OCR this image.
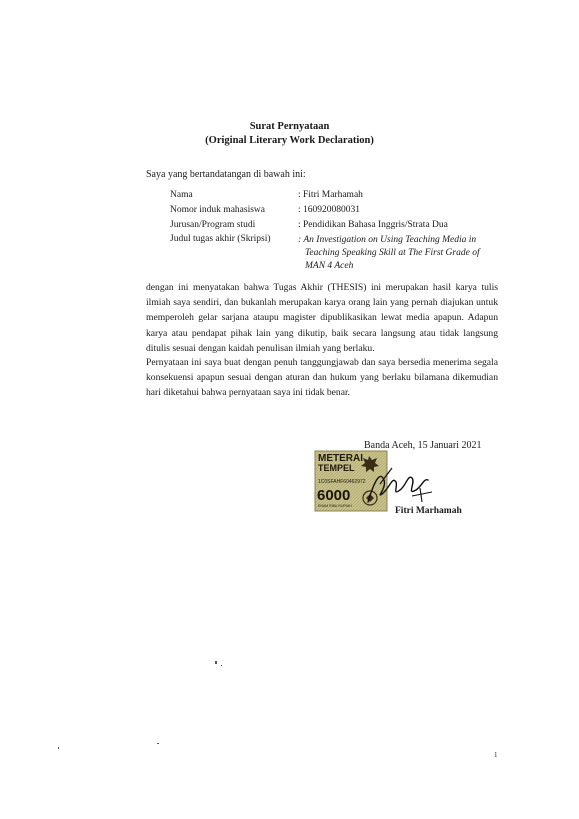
Surat Pernyataan
(Original Literary Work Declaration)
Saya yang bertandatangan di bawah ini:
Nama	: Fitri Marhamah
Nomor induk mahasiswa	: 160920080031
Jurusan/Program studi	: Pendidikan Bahasa Inggris/Strata Dua
Judul tugas akhir (Skripsi)	: An Investigation on Using Teaching Media in
Teaching Speaking Skill at The First Grade of
MAN 4 Aceh
dengan ini menyatakan bahwa Tugas Akhir (THESIS) ini merupakan hasil karya tulis ilmiah saya sendiri, dan bukanlah merupakan karya orang lain yang pernah diajukan untuk memperoleh gelar sarjana ataupu magister dipublikasikan lewat media apapun. Adapun karya atau pendapat pihak lain yang dikutip, baik secara langsung atau tidak langsung ditulis sesuai dengan kaidah penulisan ilmiah yang berlaku.
Pernyataan ini saya buat dengan penuh tanggungjawab dan saya bersedia menerima segala konsekuensi apapun sesuai dengan aturan dan hukum yang berlaku bilamana dikemudian hari diketahui bahwa pernyataan saya ini tidak benar.
Banda Aceh, 15 Januari 2021
METERAI
TEMPEL
1C0SFAHF60462972
6000
ENAM RIBU RUPIAH	Fitri Marhamah
1
